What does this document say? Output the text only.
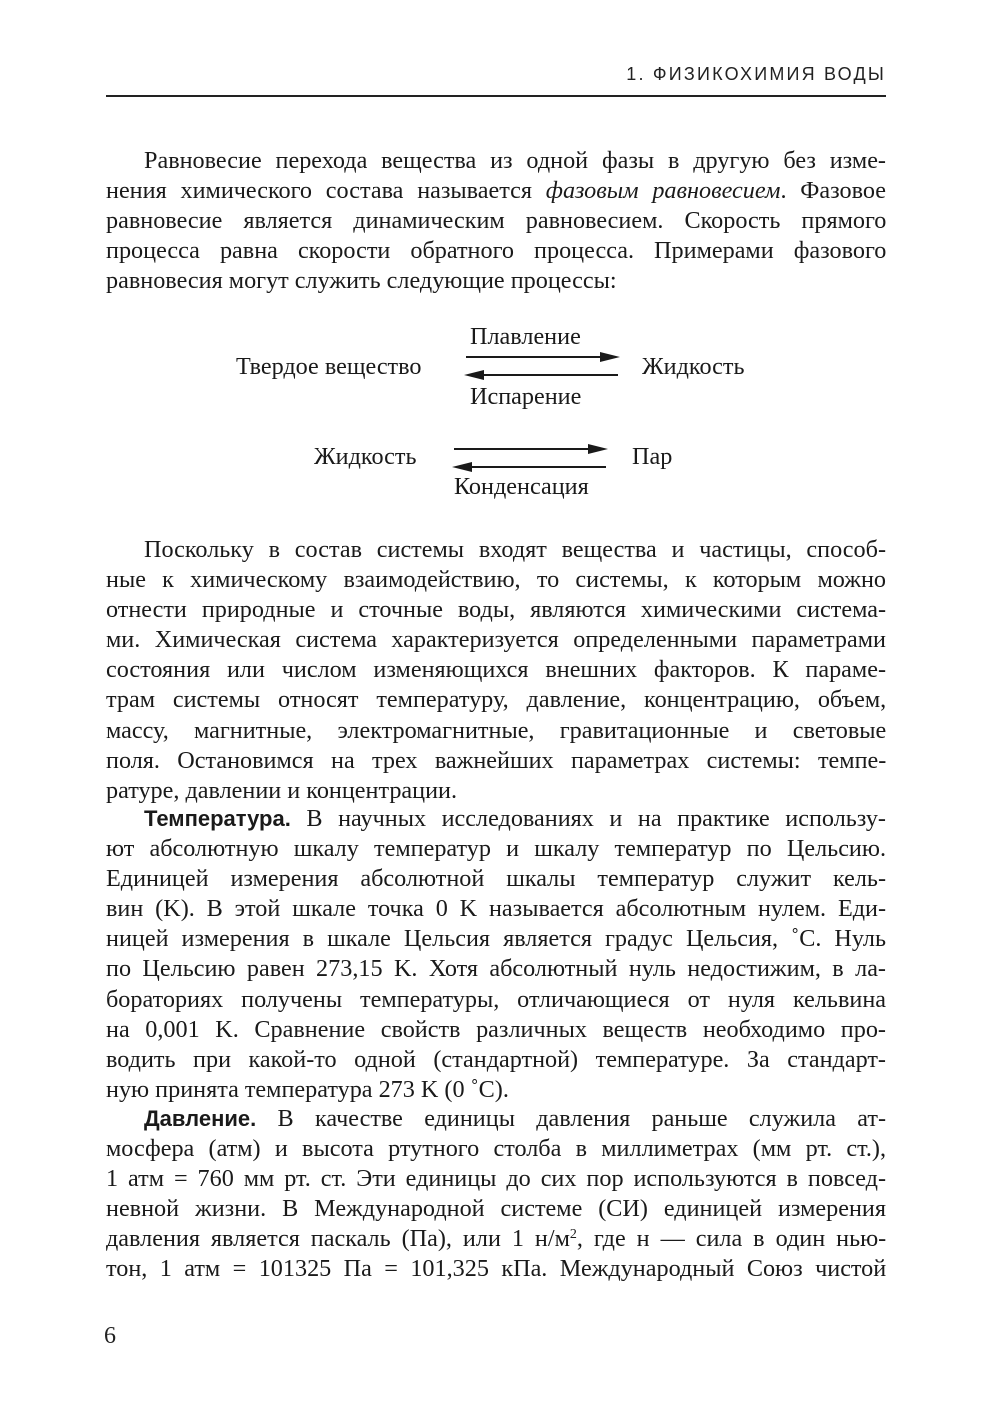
1. ФИЗИКОХИМИЯ ВОДЫ
Равновесие перехода вещества из одной фазы в другую без изме-
нения химического состава называется фазовым равновесием. Фазовое
равновесие является динамическим равновесием. Скорость прямого
процесса равна скорости обратного процесса. Примерами фазового
равновесия могут служить следующие процессы:
Плавление
Твердое вещество	Жидкость
Испарение
Жидкость	Пар
Конденсация
Поскольку в состав системы входят вещества и частицы, способ-
ные к химическому взаимодействию, то системы, к которым можно
отнести природные и сточные воды, являются химическими система-
ми. Химическая система характеризуется определенными параметрами
состояния или числом изменяющихся внешних факторов. К параме-
трам системы относят температуру, давление, концентрацию, объем,
массу, магнитные, электромагнитные, гравитационные и световые
поля. Остановимся на трех важнейших параметрах системы: темпе-
ратуре, давлении и концентрации.
Температура. В научных исследованиях и на практике использу-
ют абсолютную шкалу температур и шкалу температур по Цельсию.
Единицей измерения абсолютной шкалы температур служит кель-
вин (K). В этой шкале точка 0 K называется абсолютным нулем. Еди-
ницей измерения в шкале Цельсия является градус Цельсия, ˚C. Нуль
по Цельсию равен 273,15 K. Хотя абсолютный нуль недостижим, в ла-
бораториях получены температуры, отличающиеся от нуля кельвина
на 0,001 K. Сравнение свойств различных веществ необходимо про-
водить при какой-то одной (стандартной) температуре. За стандарт-
ную принята температура 273 K (0 ˚C).
Давление. В качестве единицы давления раньше служила ат-
мосфера (атм) и высота ртутного столба в миллиметрах (мм рт. ст.),
1 атм = 760 мм рт. ст. Эти единицы до сих пор используются в повсед-
невной жизни. В Международной системе (СИ) единицей измерения
давления является паскаль (Па), или 1 $н/м^2$, где н — сила в один нью-
тон, 1 атм = 101325 Па = 101,325 кПа. Международный Союз чистой
6
